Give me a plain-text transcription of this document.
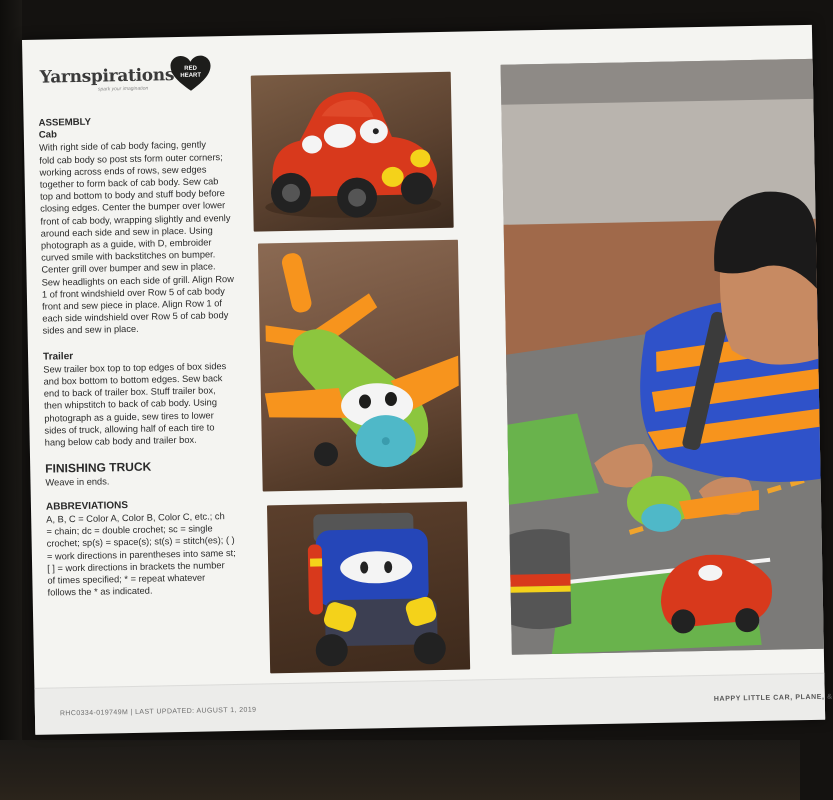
Yarnspirations
spark your imagination
RED
HEART

ASSEMBLY

Cab

With right side of cab body facing, gently
fold cab body so post sts form outer corners;
working across ends of rows, sew edges
together to form back of cab body. Sew cab
top and bottom to body and stuff body before
closing edges. Center the bumper over lower
front of cab body, wrapping slightly and evenly
around each side and sew in place. Using
photograph as a guide, with D, embroider
curved smile with backstitches on bumper.
Center grill over bumper and sew in place.
Sew headlights on each side of grill. Align Row
1 of front windshield over Row 5 of cab body
front and sew piece in place. Align Row 1 of
each side windshield over Row 5 of cab body
sides and sew in place.

Trailer

Sew trailer box top to top edges of box sides
and box bottom to bottom edges. Sew back
end to back of trailer box. Stuff trailer box,
then whipstitch to back of cab body. Using
photograph as a guide, sew tires to lower
sides of truck, allowing half of each tire to
hang below cab body and trailer box.

FINISHING TRUCK

Weave in ends.

ABBREVIATIONS

A, B, C = Color A, Color B, Color C, etc.; ch
= chain; dc = double crochet; sc = single
crochet; sp(s) = space(s); st(s) = stitch(es); ( )
= work directions in parentheses into same st;
[ ] = work directions in brackets the number
of times specified; * = repeat whatever
follows the * as indicated.
RHC0334-019749M | LAST UPDATED: AUGUST 1, 2019
HAPPY LITTLE CAR, PLANE, &
